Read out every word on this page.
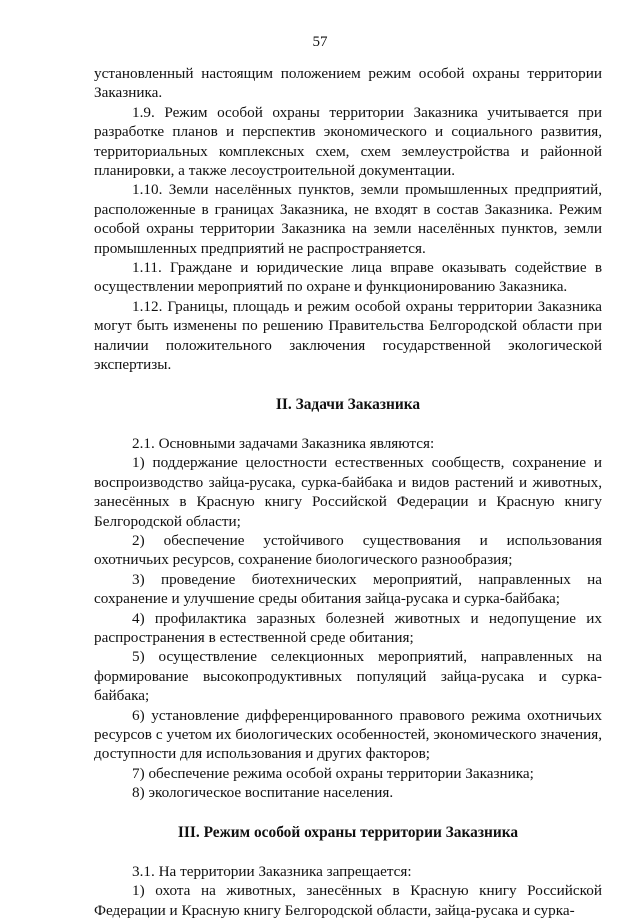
57

установленный настоящим положением режим особой охраны территории Заказника.

1.9. Режим особой охраны территории Заказника учитывается при разработке планов и перспектив экономического и социального развития, территориальных комплексных схем, схем землеустройства и районной планировки, а также лесоустроительной документации.

1.10. Земли населённых пунктов, земли промышленных предприятий, расположенные в границах Заказника, не входят в состав Заказника. Режим особой охраны территории Заказника на земли населённых пунктов, земли промышленных предприятий не распространяется.

1.11. Граждане и юридические лица вправе оказывать содействие в осуществлении мероприятий по охране и функционированию Заказника.

1.12. Границы, площадь и режим особой охраны территории Заказника могут быть изменены по решению Правительства Белгородской области при наличии положительного заключения государственной экологической экспертизы.

II. Задачи Заказника

2.1. Основными задачами Заказника являются:

1) поддержание целостности естественных сообществ, сохранение и воспроизводство зайца-русака, сурка-байбака и видов растений и животных, занесённых в Красную книгу Российской Федерации и Красную книгу Белгородской области;

2) обеспечение устойчивого существования и использования охотничьих ресурсов, сохранение биологического разнообразия;

3) проведение биотехнических мероприятий, направленных на сохранение и улучшение среды обитания зайца-русака и сурка-байбака;

4) профилактика заразных болезней животных и недопущение их распространения в естественной среде обитания;

5) осуществление селекционных мероприятий, направленных на формирование высокопродуктивных популяций зайца-русака и сурка-байбака;

6) установление дифференцированного правового режима охотничьих ресурсов с учетом их биологических особенностей, экономического значения, доступности для использования и других факторов;

7) обеспечение режима особой охраны территории Заказника;

8) экологическое воспитание населения.

III. Режим особой охраны территории Заказника

3.1. На территории Заказника запрещается:

1) охота на животных, занесённых в Красную книгу Российской Федерации и Красную книгу Белгородской области, зайца-русака и сурка-
